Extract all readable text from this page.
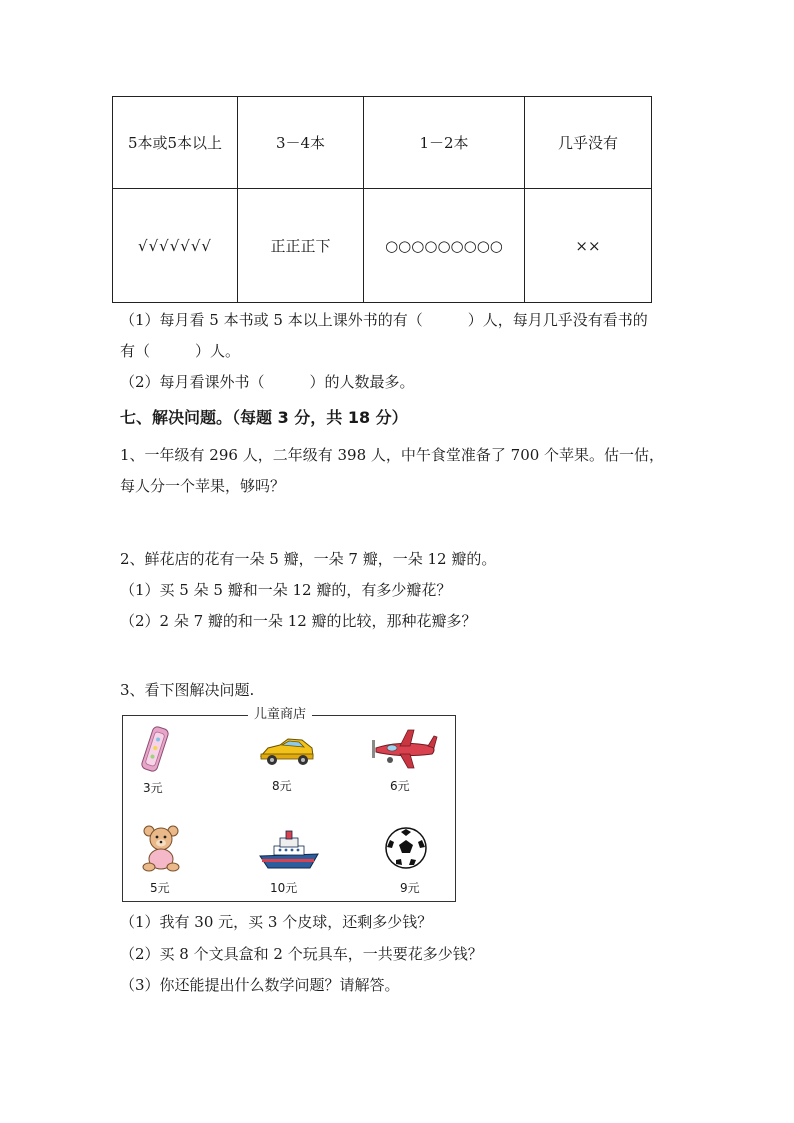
5本或5本以上	3－4本	1－2本	几乎没有

√√√√√√√	正正正下	○○○○○○○○○	××
（1）每月看 5 本书或 5 本以上课外书的有（　　　）人，每月几乎没有看书的
有（　　　）人。
（2）每月看课外书（　　　）的人数最多。
七、解决问题。（每题 3 分，共 18 分）
1、一年级有 296 人，二年级有 398 人，中午食堂准备了 700 个苹果。估一估，
每人分一个苹果，够吗？
2、鲜花店的花有一朵 5 瓣，一朵 7 瓣，一朵 12 瓣的。
（1）买 5 朵 5 瓣和一朵 12 瓣的，有多少瓣花？
（2）2 朵 7 瓣的和一朵 12 瓣的比较，那种花瓣多？
3、看下图解决问题.
儿童商店
3元	8元	6元
5元	10元	9元
（1）我有 30 元，买 3 个皮球，还剩多少钱？
（2）买 8 个文具盒和 2 个玩具车，一共要花多少钱？
（3）你还能提出什么数学问题？请解答。
